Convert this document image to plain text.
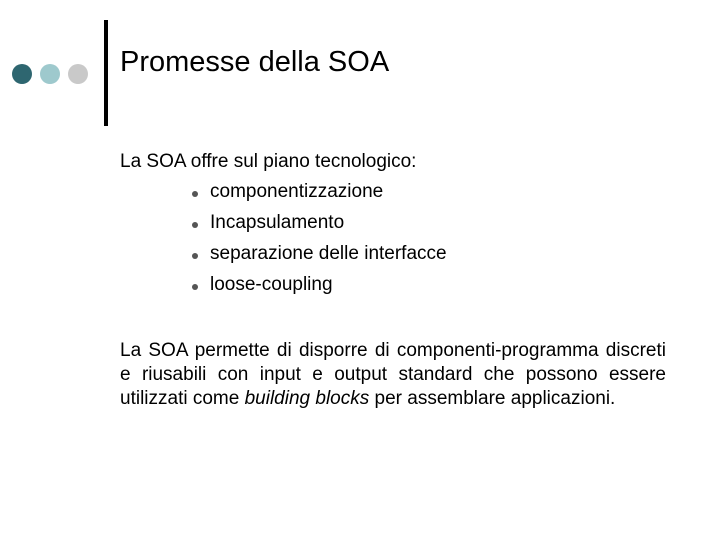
Promesse della SOA
La SOA offre sul piano tecnologico:
componentizzazione
Incapsulamento
separazione delle interfacce
loose-coupling

La SOA permette di disporre di componenti-programma discreti e riusabili con input e output standard che possono essere utilizzati come building blocks per assemblare applicazioni.
